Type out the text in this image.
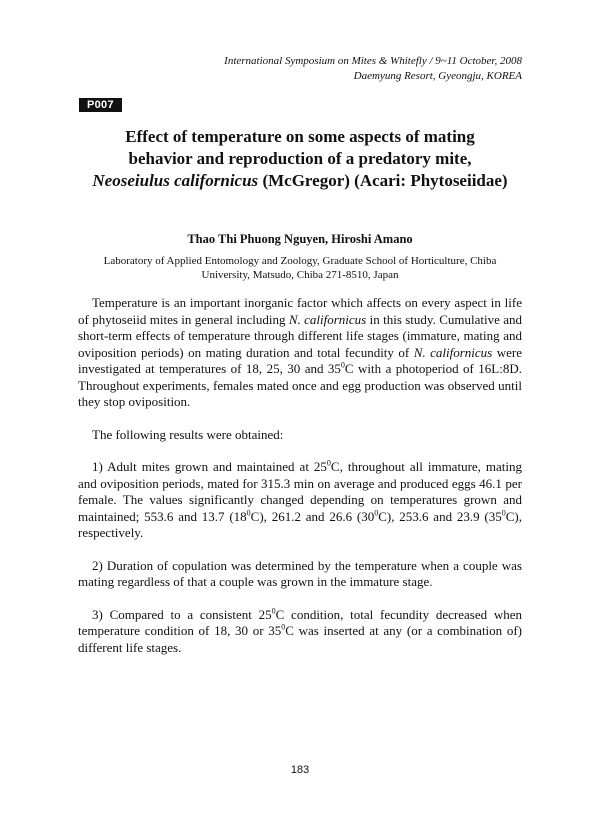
International Symposium on Mites & Whitefly / 9~11 October, 2008
Daemyung Resort, Gyeongju, KOREA
P007
Effect of temperature on some aspects of mating
behavior and reproduction of a predatory mite,
Neoseiulus californicus (McGregor) (Acari: Phytoseiidae)
Thao Thi Phuong Nguyen, Hiroshi Amano
Laboratory of Applied Entomology and Zoology, Graduate School of Horticulture, Chiba
University, Matsudo, Chiba 271-8510, Japan

Temperature is an important inorganic factor which affects on every aspect in life of phytoseiid mites in general including N. californicus in this study. Cumulative and short-term effects of temperature through different life stages (immature, mating and oviposition periods) on mating duration and total fecundity of N. californicus were investigated at temperatures of 18, 25, 30 and $35^0C$ with a photoperiod of 16L:8D. Throughout experiments, females mated once and egg production was observed until they stop oviposition.

The following results were obtained:

1) Adult mites grown and maintained at $25^0C$, throughout all immature, mating and oviposition periods, mated for 315.3 min on average and produced eggs 46.1 per female. The values significantly changed depending on temperatures grown and maintained; 553.6 and 13.7 $(18^0C)$, 261.2 and 26.6 $(30^0C)$, 253.6 and 23.9 $(35^0C)$, respectively.

2) Duration of copulation was determined by the temperature when a couple was mating regardless of that a couple was grown in the immature stage.

3) Compared to a consistent $25^0C$ condition, total fecundity decreased when temperature condition of 18, 30 or $35^0C$ was inserted at any (or a combination of) different life stages.

183
